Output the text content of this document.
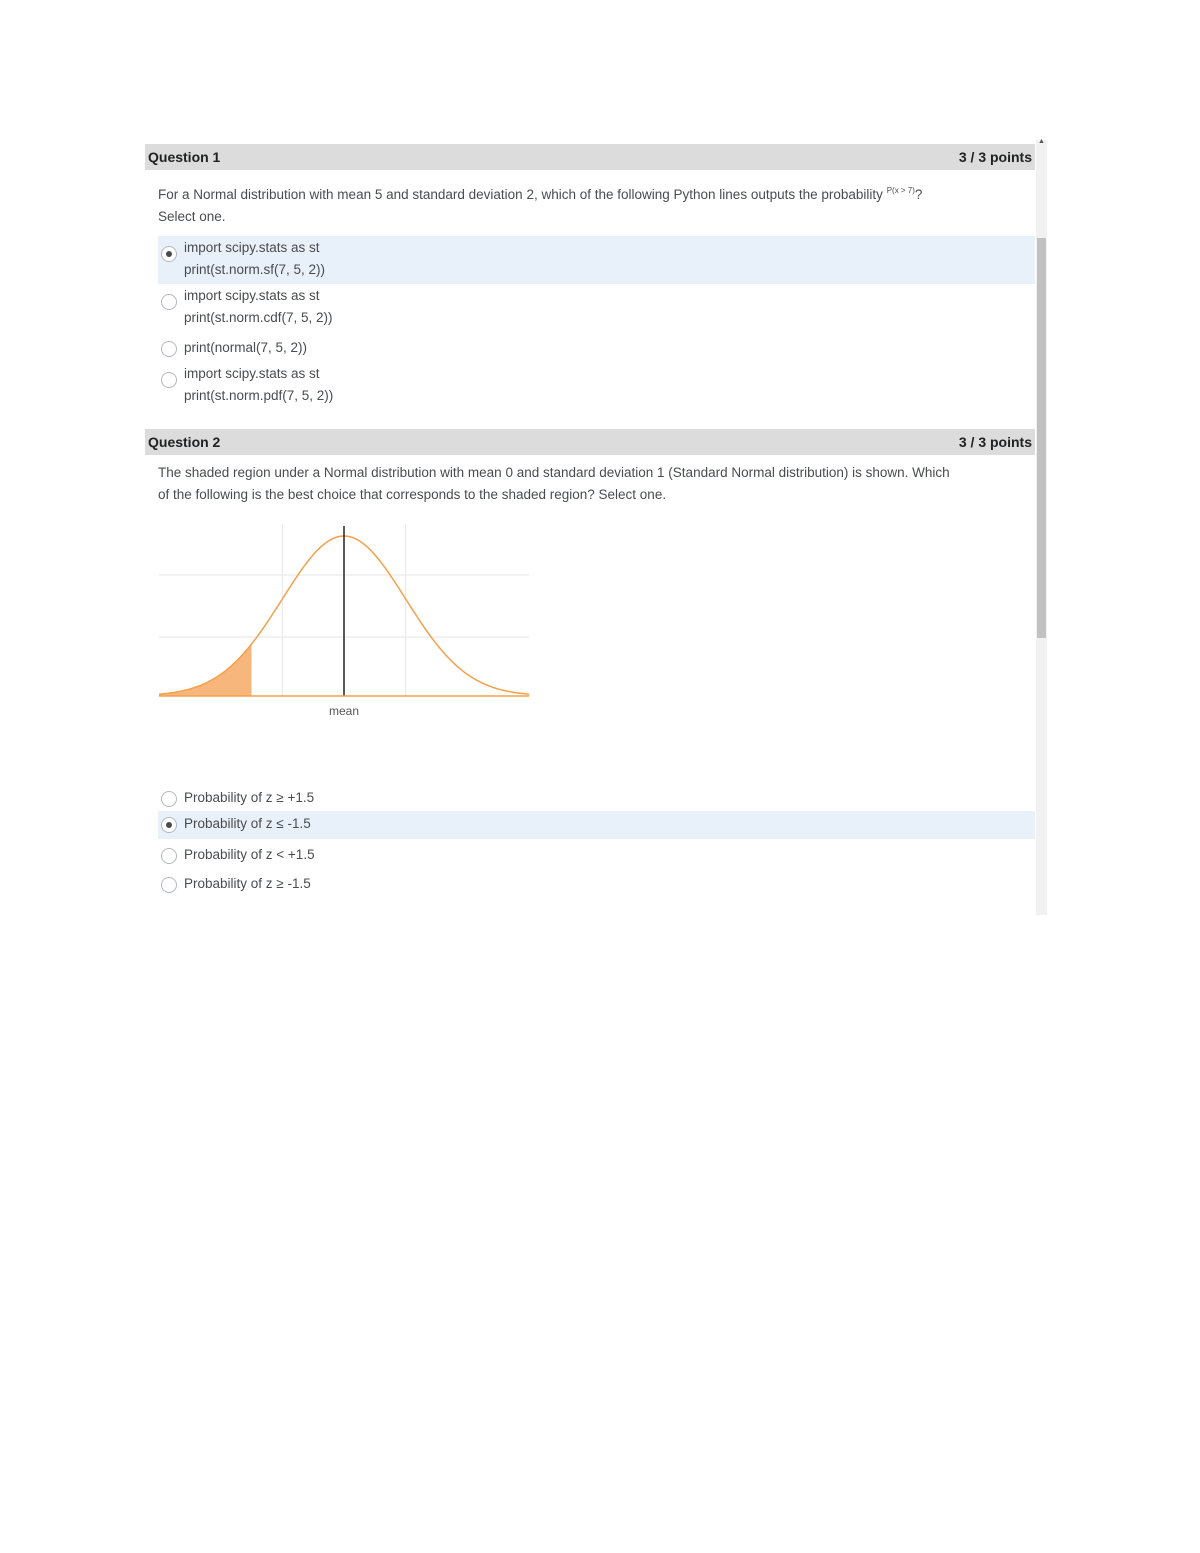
Question 1	3 / 3 points
For a Normal distribution with mean 5 and standard deviation 2, which of the following Python lines outputs the probability $^{P(x > 7)}$?
Select one.
import scipy.stats as st
print(st.norm.sf(7, 5, 2))
import scipy.stats as st
print(st.norm.cdf(7, 5, 2))
print(normal(7, 5, 2))
import scipy.stats as st
print(st.norm.pdf(7, 5, 2))
Question 2	3 / 3 points
The shaded region under a Normal distribution with mean 0 and standard deviation 1 (Standard Normal distribution) is shown. Which
of the following is the best choice that corresponds to the shaded region? Select one.
Probability of z ≥ +1.5
Probability of z ≤ -1.5
Probability of z < +1.5
Probability of z ≥ -1.5
mean
▲
